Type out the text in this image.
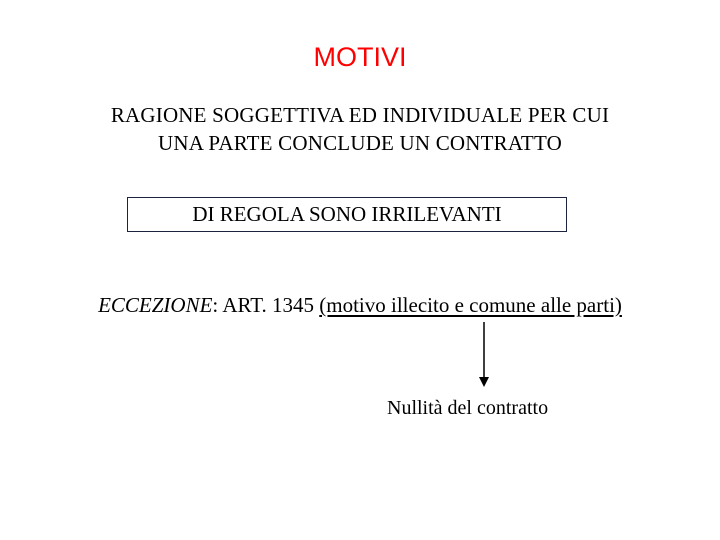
MOTIVI
RAGIONE SOGGETTIVA ED INDIVIDUALE PER CUI
UNA PARTE CONCLUDE UN CONTRATTO
DI REGOLA SONO IRRILEVANTI
ECCEZIONE: ART. 1345 (motivo illecito e comune alle parti)
Nullità del contratto
